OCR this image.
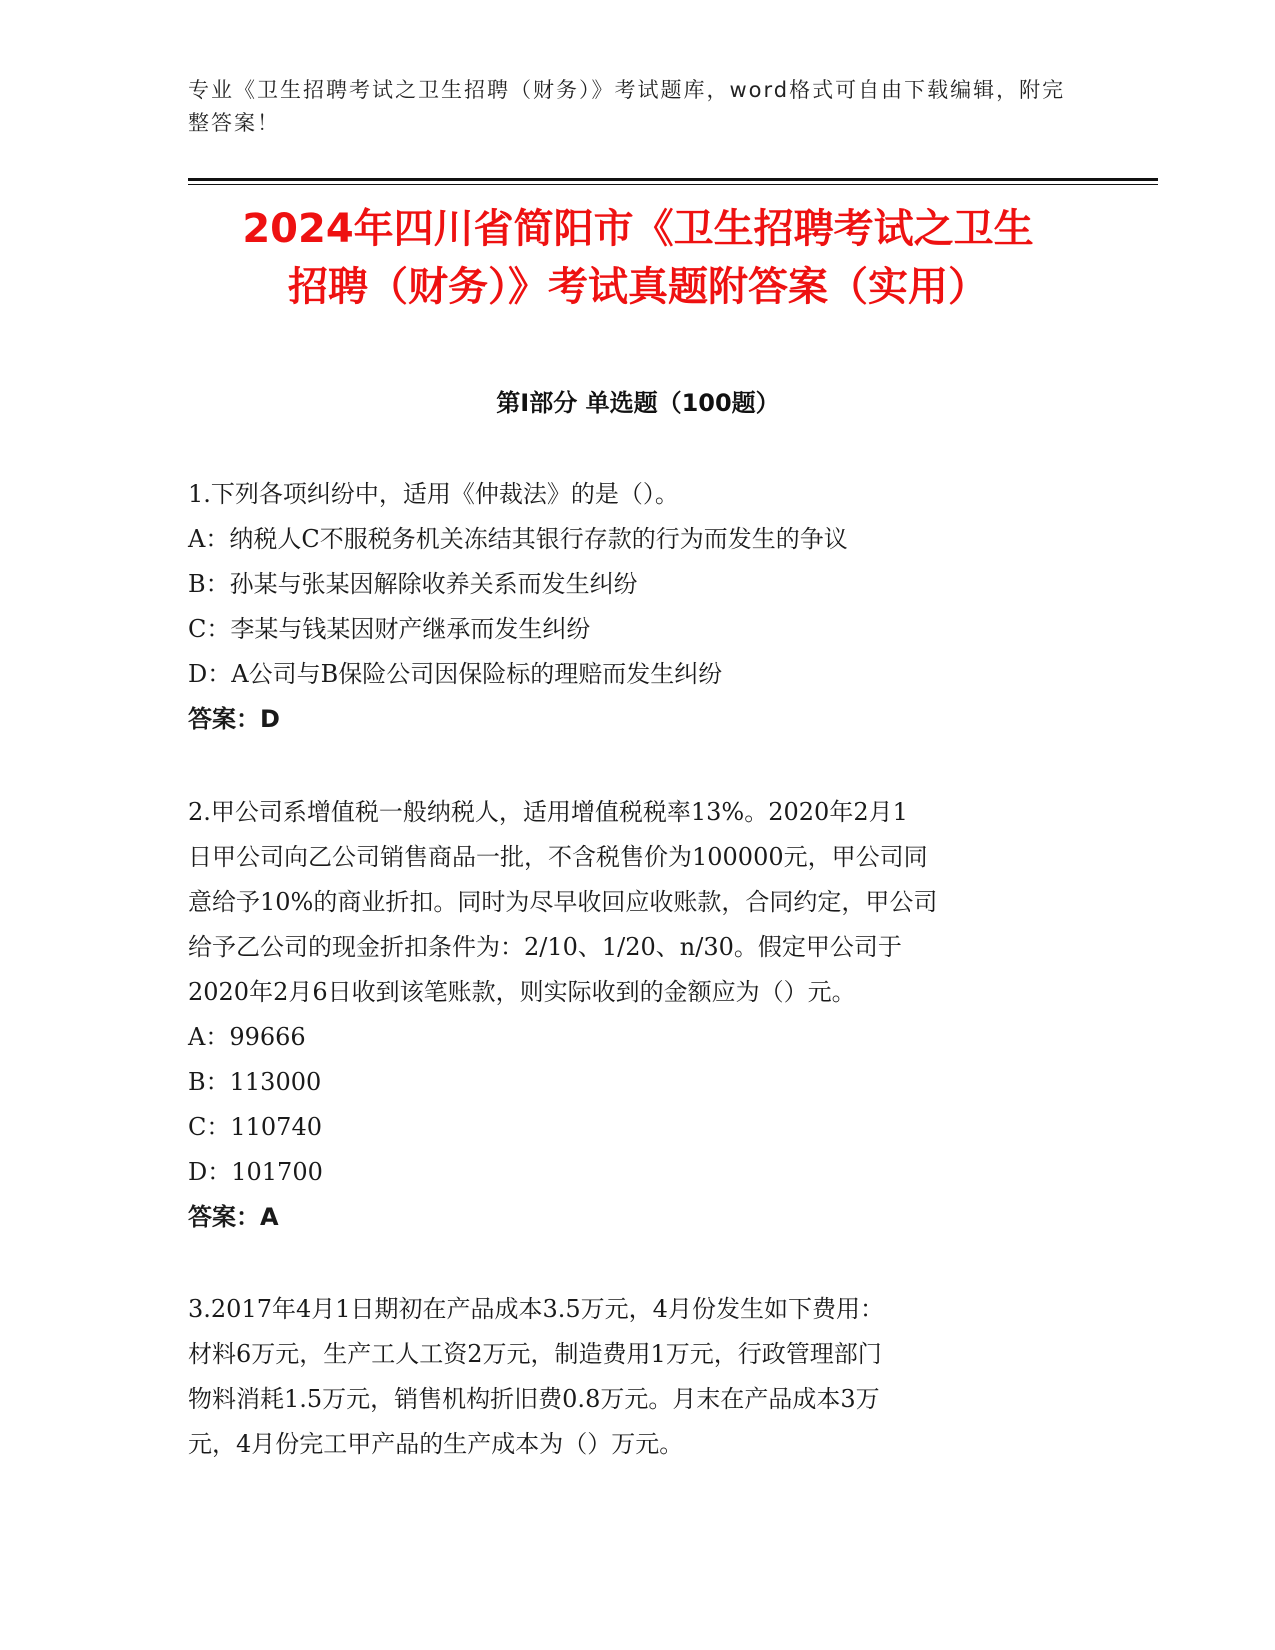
专业《卫生招聘考试之卫生招聘（财务）》考试题库，word格式可自由下载编辑，附完整答案！
2024年四川省简阳市《卫生招聘考试之卫生
招聘（财务）》考试真题附答案（实用）
第I部分 单选题（100题）
1.下列各项纠纷中，适用《仲裁法》的是（）。
A：纳税人C不服税务机关冻结其银行存款的行为而发生的争议
B：孙某与张某因解除收养关系而发生纠纷
C：李某与钱某因财产继承而发生纠纷
D：A公司与B保险公司因保险标的理赔而发生纠纷
答案：D
2.甲公司系增值税一般纳税人，适用增值税税率13%。2020年2月1
日甲公司向乙公司销售商品一批，不含税售价为100000元，甲公司同
意给予10%的商业折扣。同时为尽早收回应收账款，合同约定，甲公司
给予乙公司的现金折扣条件为：2/10、1/20、n/30。假定甲公司于
2020年2月6日收到该笔账款，则实际收到的金额应为（）元。
A：99666
B：113000
C：110740
D：101700
答案：A
3.2017年4月1日期初在产品成本3.5万元，4月份发生如下费用：
材料6万元，生产工人工资2万元，制造费用1万元，行政管理部门
物料消耗1.5万元，销售机构折旧费0.8万元。月末在产品成本3万
元，4月份完工甲产品的生产成本为（）万元。
